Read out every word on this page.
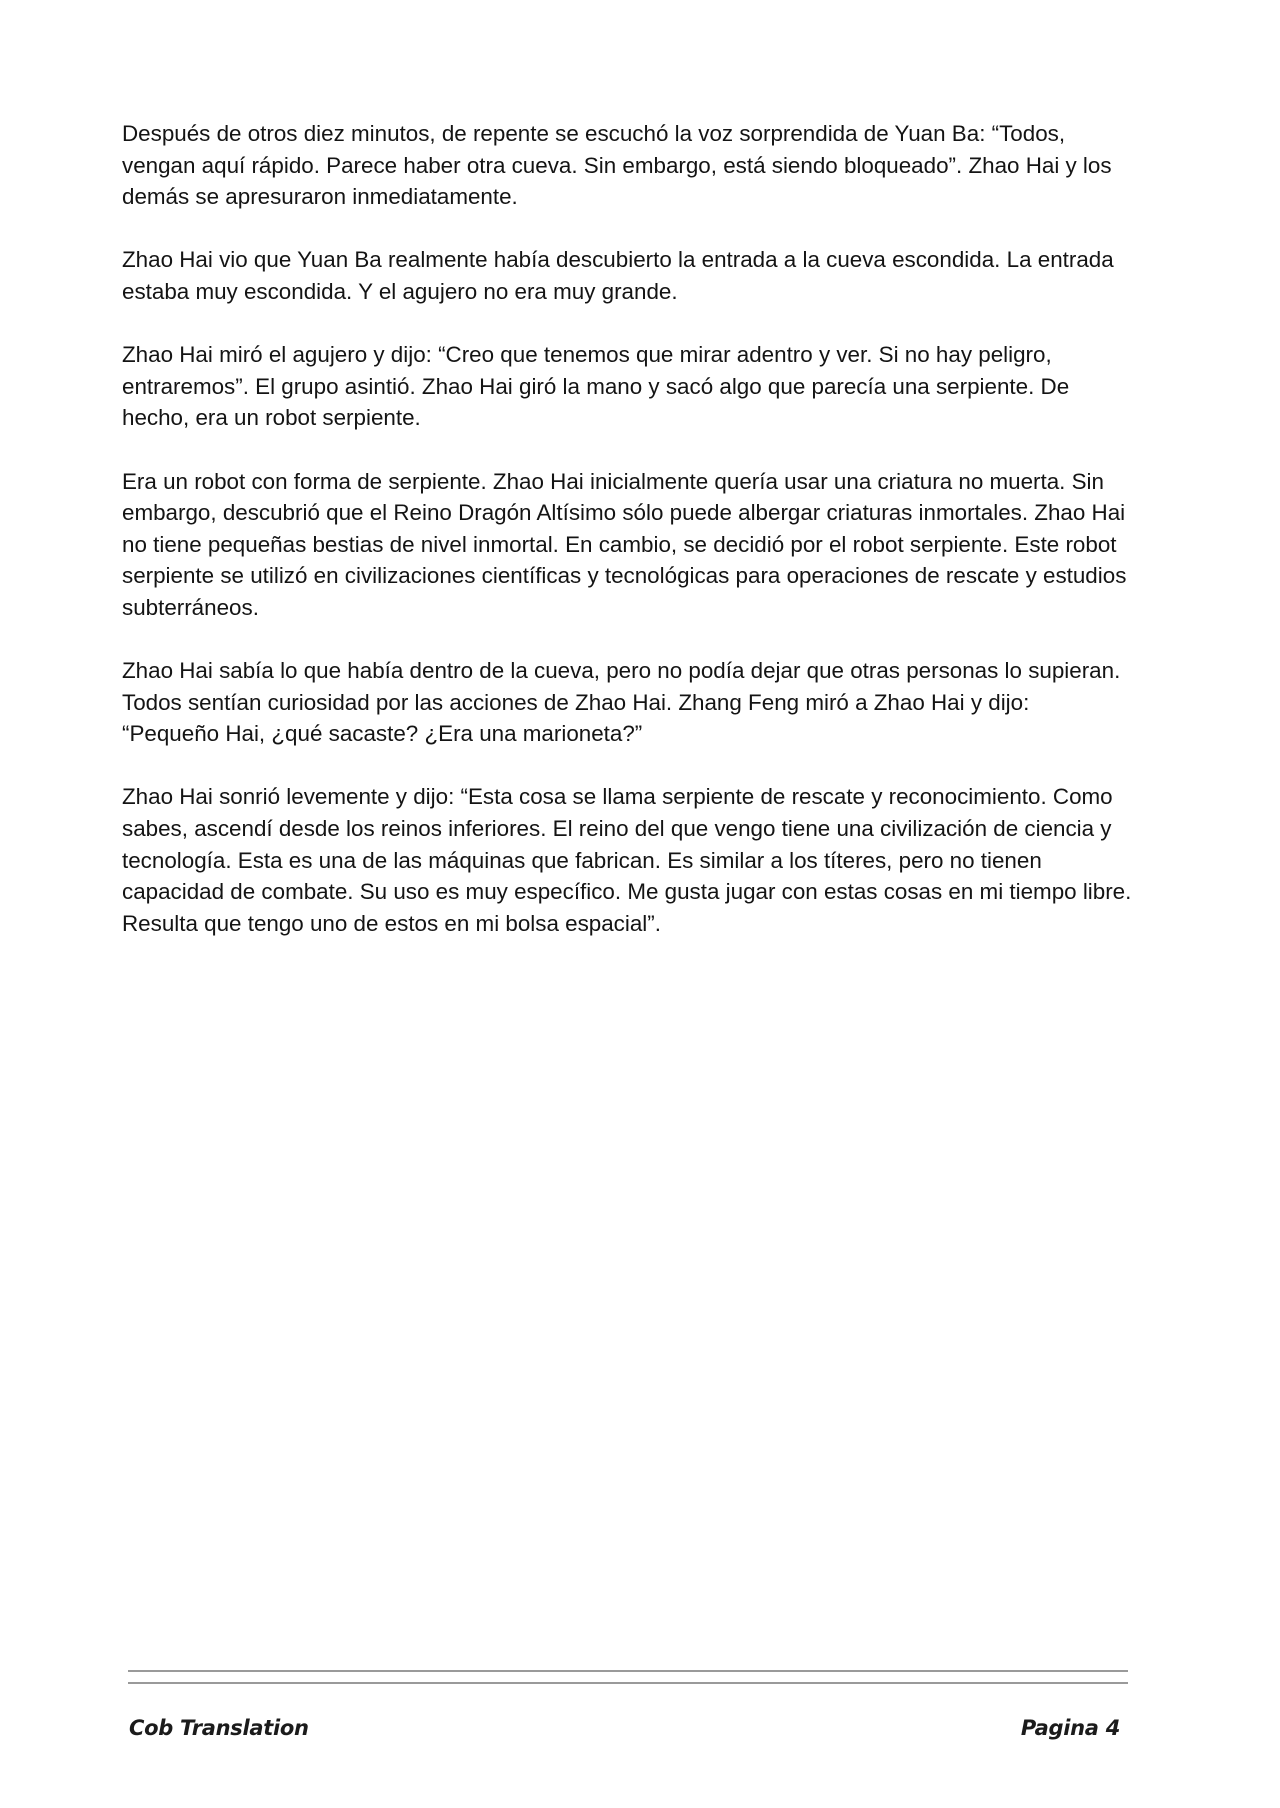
Después de otros diez minutos, de repente se escuchó la voz sorprendida de Yuan Ba: “Todos, vengan aquí rápido. Parece haber otra cueva. Sin embargo, está siendo bloqueado”. Zhao Hai y los demás se apresuraron inmediatamente.

Zhao Hai vio que Yuan Ba realmente había descubierto la entrada a la cueva escondida. La entrada estaba muy escondida. Y el agujero no era muy grande.

Zhao Hai miró el agujero y dijo: “Creo que tenemos que mirar adentro y ver. Si no hay peligro, entraremos”. El grupo asintió. Zhao Hai giró la mano y sacó algo que parecía una serpiente. De hecho, era un robot serpiente.

Era un robot con forma de serpiente. Zhao Hai inicialmente quería usar una criatura no muerta. Sin embargo, descubrió que el Reino Dragón Altísimo sólo puede albergar criaturas inmortales. Zhao Hai no tiene pequeñas bestias de nivel inmortal. En cambio, se decidió por el robot serpiente. Este robot serpiente se utilizó en civilizaciones científicas y tecnológicas para operaciones de rescate y estudios subterráneos.

Zhao Hai sabía lo que había dentro de la cueva, pero no podía dejar que otras personas lo supieran. Todos sentían curiosidad por las acciones de Zhao Hai. Zhang Feng miró a Zhao Hai y dijo: “Pequeño Hai, ¿qué sacaste? ¿Era una marioneta?”

Zhao Hai sonrió levemente y dijo: “Esta cosa se llama serpiente de rescate y reconocimiento. Como sabes, ascendí desde los reinos inferiores. El reino del que vengo tiene una civilización de ciencia y tecnología. Esta es una de las máquinas que fabrican. Es similar a los títeres, pero no tienen capacidad de combate. Su uso es muy específico. Me gusta jugar con estas cosas en mi tiempo libre. Resulta que tengo uno de estos en mi bolsa espacial”.

Cob Translation	Pagina 4
